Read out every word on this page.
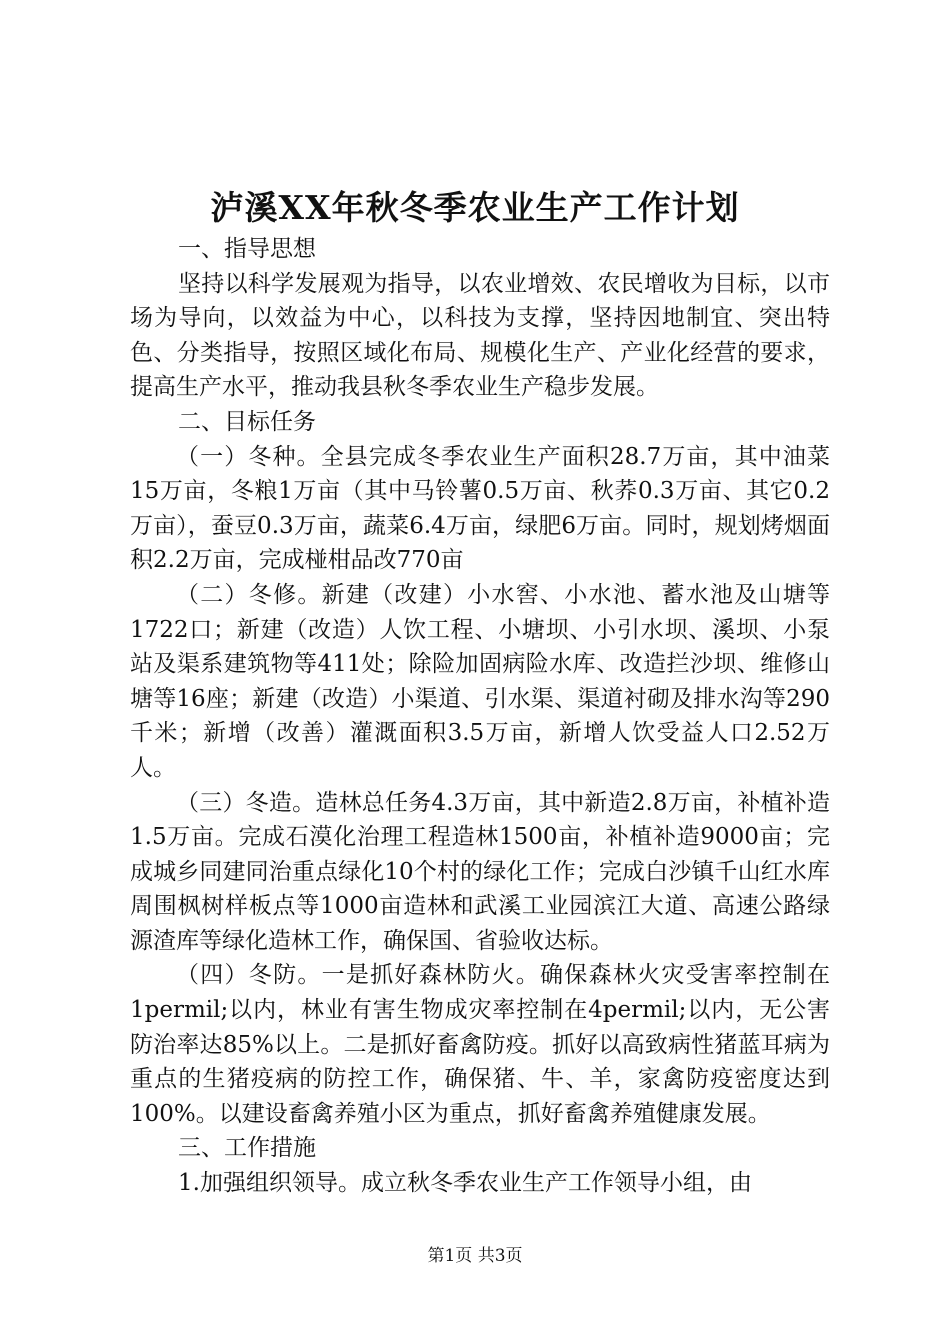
泸溪XX年秋冬季农业生产工作计划

一、指导思想

坚持以科学发展观为指导，以农业增效、农民增收为目标，以市场为导向，以效益为中心，以科技为支撑，坚持因地制宜、突出特色、分类指导，按照区域化布局、规模化生产、产业化经营的要求，提高生产水平，推动我县秋冬季农业生产稳步发展。

二、目标任务

（一）冬种。全县完成冬季农业生产面积28.7万亩，其中油菜15万亩，冬粮1万亩（其中马铃薯0.5万亩、秋荞0.3万亩、其它0.2万亩），蚕豆0.3万亩，蔬菜6.4万亩，绿肥6万亩。同时，规划烤烟面积2.2万亩，完成椪柑品改770亩

（二）冬修。新建（改建）小水窖、小水池、蓄水池及山塘等1722口；新建（改造）人饮工程、小塘坝、小引水坝、溪坝、小泵站及渠系建筑物等411处；除险加固病险水库、改造拦沙坝、维修山塘等16座；新建（改造）小渠道、引水渠、渠道衬砌及排水沟等290千米；新增（改善）灌溉面积3.5万亩，新增人饮受益人口2.52万人。

（三）冬造。造林总任务4.3万亩，其中新造2.8万亩，补植补造1.5万亩。完成石漠化治理工程造林1500亩，补植补造9000亩；完成城乡同建同治重点绿化10个村的绿化工作；完成白沙镇千山红水库周围枫树样板点等1000亩造林和武溪工业园滨江大道、高速公路绿源渣库等绿化造林工作，确保国、省验收达标。

（四）冬防。一是抓好森林防火。确保森林火灾受害率控制在1permil;以内，林业有害生物成灾率控制在4permil;以内，无公害防治率达85%以上。二是抓好畜禽防疫。抓好以高致病性猪蓝耳病为重点的生猪疫病的防控工作，确保猪、牛、羊，家禽防疫密度达到100%。以建设畜禽养殖小区为重点，抓好畜禽养殖健康发展。

三、工作措施

1.加强组织领导。成立秋冬季农业生产工作领导小组，由

第1页 共3页
